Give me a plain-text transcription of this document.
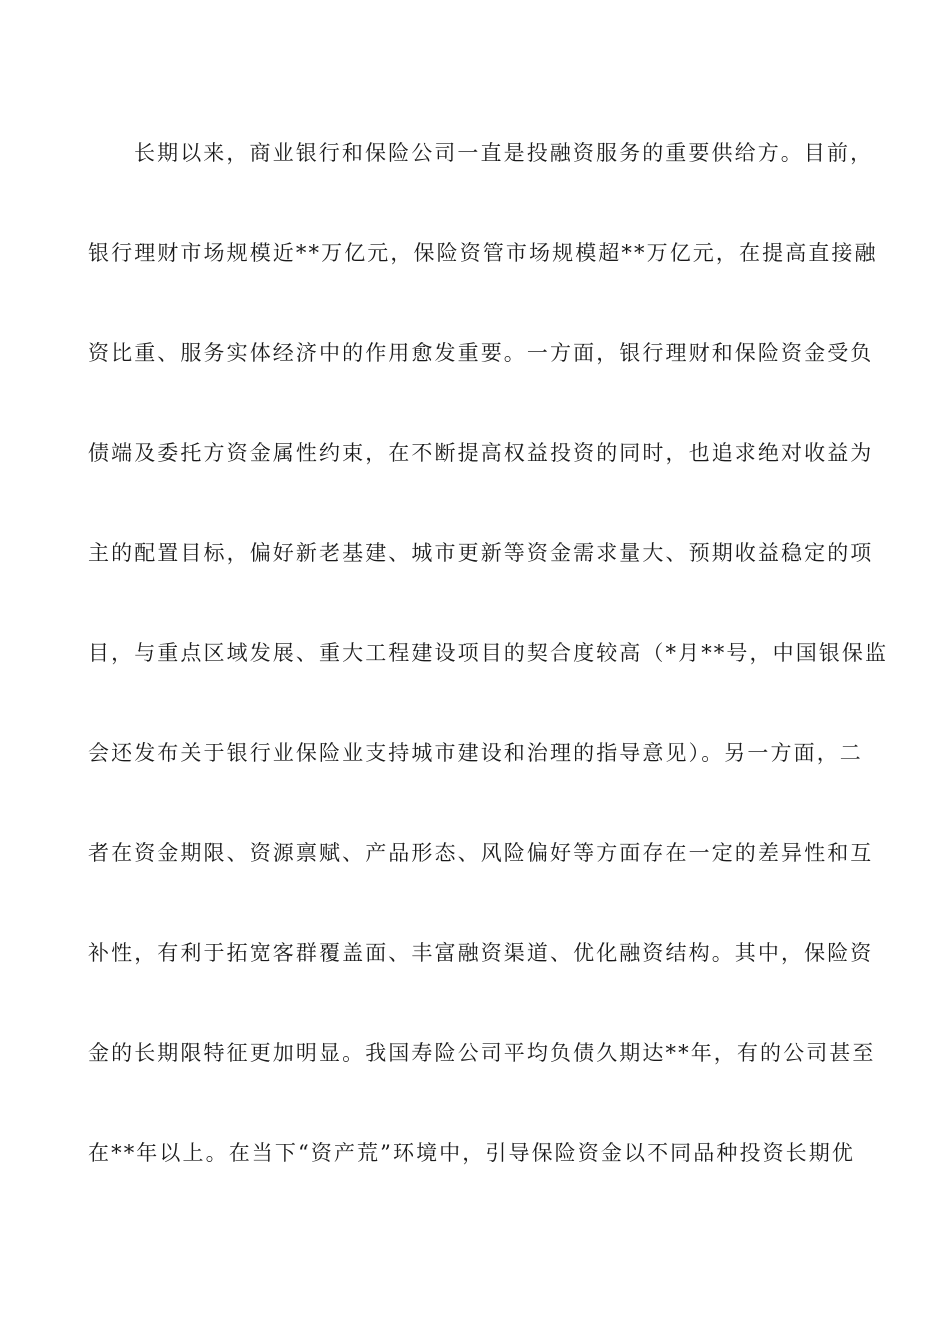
长期以来，商业银行和保险公司一直是投融资服务的重要供给方。目前，
银行理财市场规模近**万亿元，保险资管市场规模超**万亿元，在提高直接融
资比重、服务实体经济中的作用愈发重要。一方面，银行理财和保险资金受负
债端及委托方资金属性约束，在不断提高权益投资的同时，也追求绝对收益为
主的配置目标，偏好新老基建、城市更新等资金需求量大、预期收益稳定的项
目，与重点区域发展、重大工程建设项目的契合度较高（*月**号，中国银保监
会还发布关于银行业保险业支持城市建设和治理的指导意见）。另一方面，二
者在资金期限、资源禀赋、产品形态、风险偏好等方面存在一定的差异性和互
补性，有利于拓宽客群覆盖面、丰富融资渠道、优化融资结构。其中，保险资
金的长期限特征更加明显。我国寿险公司平均负债久期达**年，有的公司甚至
在**年以上。在当下“资产荒”环境中，引导保险资金以不同品种投资长期优
